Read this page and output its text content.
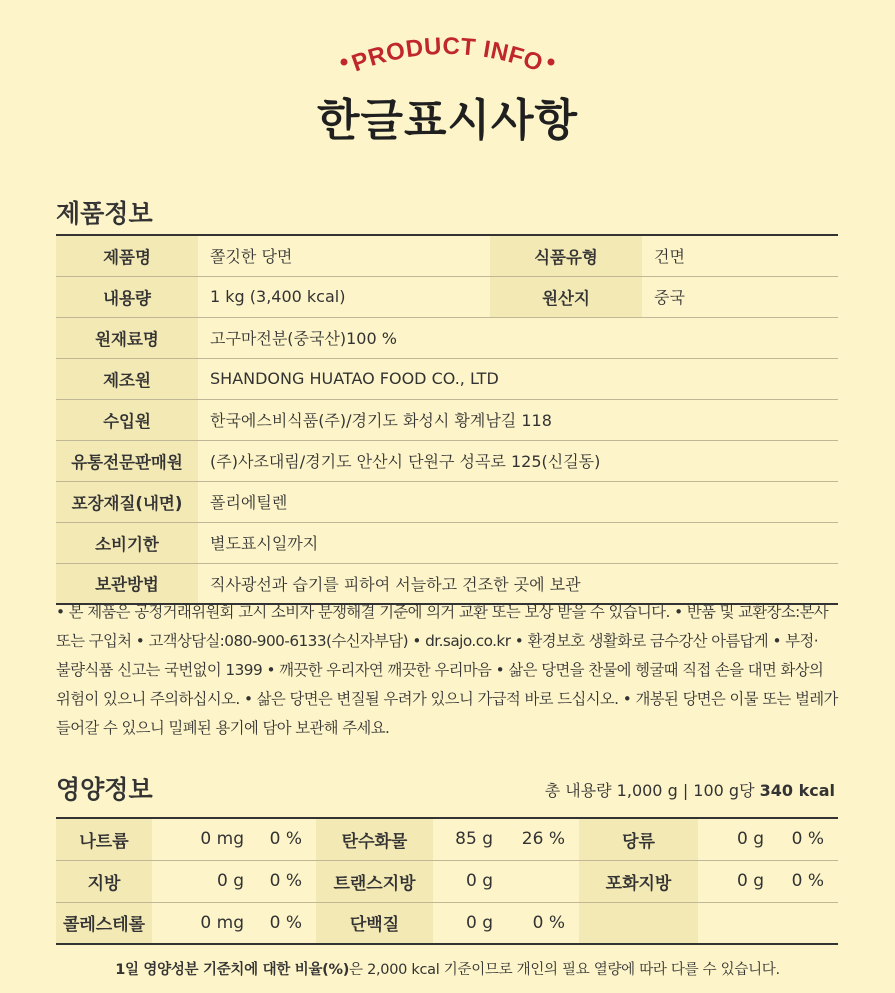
PRODUCT INFO
한글표시사항
제품정보
제품명	쫄깃한 당면	식품유형	건면
내용량	1 kg (3,400 kcal)	원산지	중국
원재료명	고구마전분(중국산)100 %		
제조원	SHANDONG HUATAO FOOD CO., LTD		
수입원	한국에스비식품(주)/경기도 화성시 황계남길 118		
유통전문판매원	(주)사조대림/경기도 안산시 단원구 성곡로 125(신길동)		
포장재질(내면)	폴리에틸렌		
소비기한	별도표시일까지		
보관방법	직사광선과 습기를 피하여 서늘하고 건조한 곳에 보관		
• 본 제품은 공정거래위원회 고시 소비자 분쟁해결 기준에 의거 교환 또는 보상 받을 수 있습니다. • 반품 및 교환장소:본사 또는 구입처 • 고객상담실:080-900-6133(수신자부담) • dr.sajo.co.kr • 환경보호 생활화로 금수강산 아름답게 • 부정·불량식품 신고는 국번없이 1399 • 깨끗한 우리자연 깨끗한 우리마음 • 삶은 당면을 찬물에 헹굴때 직접 손을 대면 화상의 위험이 있으니 주의하십시오. • 삶은 당면은 변질될 우려가 있으니 가급적 바로 드십시오. • 개봉된 당면은 이물 또는 벌레가 들어갈 수 있으니 밀폐된 용기에 담아 보관해 주세요.
영양정보	총 내용량 1,000 g | 100 g당 340 kcal
나트륨	0 mg	0 %	탄수화물	85 g	26 %	당류	0 g	0 %
지방	0 g	0 %	트랜스지방	0 g		포화지방	0 g	0 %
콜레스테롤	0 mg	0 %	단백질	0 g	0 %			
1일 영양성분 기준치에 대한 비율(%)은 2,000 kcal 기준이므로 개인의 필요 열량에 따라 다를 수 있습니다.
